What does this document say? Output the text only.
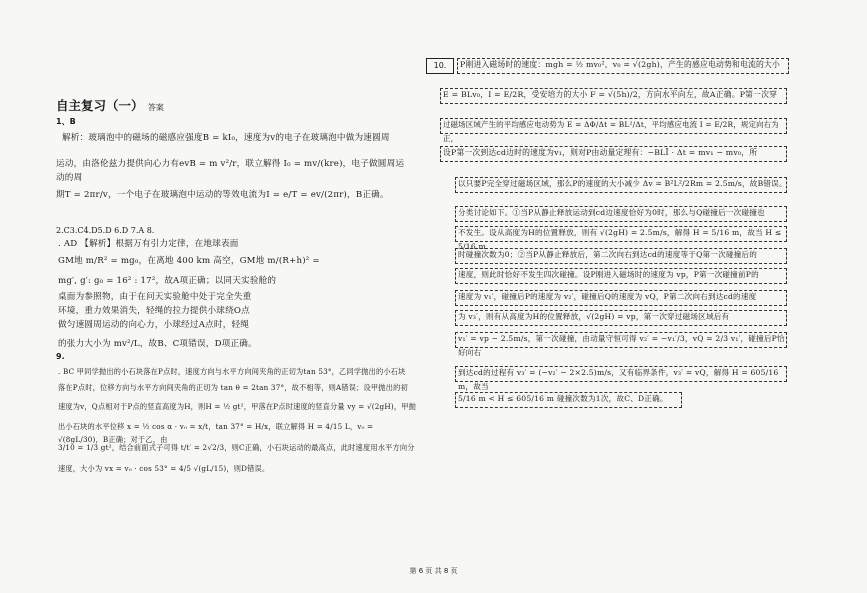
自主复习（一） 答案
1、B

解析：玻璃泡中的磁场的磁感应强度B = kI₀，速度为v的电子在玻璃泡中做为速圆周

运动，由洛伦兹力提供向心力有evB = m v²/r，联立解得 I₀ = mv/(kre)，电子做圆周运动的周

期T = 2πr/v，一个电子在玻璃泡中运动的等效电流为I = e/T = ev/(2πr)，B正确。

2.C3.C4.D5.D 6.D 7.A 8.

. AD 【解析】根据万有引力定律，在地球表面

GM地 m/R² = mg₀，在离地 400 km 高空，GM地 m/(R+h)² =

mg′, g′: g₀ = 16² : 17²，故A项正确；以同天实验舱的

桌面为参照物，由于在问天实验舱中处于完全失重

环境，重力效果消失，轻绳的拉力提供小球绕O点

做匀速圆周运动的向心力，小球经过A点时，轻绳

的张力大小为 mv²/L，故B、C项错误，D项正确。

9.

. BC 甲同学抛出的小石块落在P点时，速度方向与水平方向间夹角的正切为tan 53°，乙同学抛出的小石块

落在P点时，位移方向与水平方向间夹角的正切为 tan θ = 2tan 37°，故不相等，则A错误；设甲抛出的初

速度为v，Q点相对于P点的竖直高度为H，则H = ½ gt²，甲落在P点时速度的竖直分量 vy = √(2gH)，甲抛

出小石块的水平位移 x = ½ cos α · v₀ = x/t，tan 37° = H/x，联立解得 H = 4/15 L，v₀ = √(8gL/30)，B正确；对于乙，由

3/10 = 1/3 gt²，结合前面式子可得 t/t′ = 2√2/3，则C正确，小石块运动的最高点，此时速度用水平方向分

速度，大小为 vx = v₀ · cos 53° = 4/5 √(gL/15)，则D错误。

10.	P刚进入磁场时的速度：mgh = ½ mv₀²，v₀ = √(2gh)，产生的感应电动势和电流的大小

E = BLv₀，I = E/2R，受安培力的大小 F = √(5h)/2，方向水平向左，故A正确。P第一次穿

过磁场区域产生的平均感应电动势为 E = ΔΦ/Δt = BL²/Δt，平均感应电流 I = E/2R，规定向右为正，

设P第一次到达cd边时的速度为v₁，则对P由动量定理有：−BLĪ · Δt = mv₁ − mv₀，所

以只要P完全穿过磁场区域，那么P的速度的大小减少 Δv = B²L²/2Rm = 2.5m/s，故B错误。

分类讨论如下。①当P从静止释放运动到cd边速度恰好为0时，那么与Q碰撞后一次碰撞也

不发生。设从高度为H的位置释放，则有 √(2gH) = 2.5m/s，解得 H = 5/16 m，故当 H ≤ 5/16 m

时碰撞次数为0；②当P从静止释放后，第二次向右到达cd的速度等于Q第一次碰撞后的

速度，则此时恰好不发生四次碰撞。设P刚进入磁场时的速度为 vp，P第一次碰撞前P的

速度为 v₁′，碰撞后P的速度为 v₂′，碰撞后Q的速度为 vQ，P第二次向右到达cd的速度

为 v₃′，则有从高度为H的位置释放，√(2gH) = vp，第一次穿过磁场区域后有

v₁′ = vp − 2.5m/s，第一次碰撞，由动量守恒可得 v₂′ = −v₁′/3，vQ = 2/3 v₁′，碰撞后P恰好向右

到达cd的过程有 v₃′ = (−v₂′ − 2×2.5)m/s，又有临界条件，v₃′ = vQ，解得 H = 605/16 m，故当

5/16 m < H ≤ 605/16 m 碰撞次数为1次，故C、D正确。

第 6 页 共 8 页
